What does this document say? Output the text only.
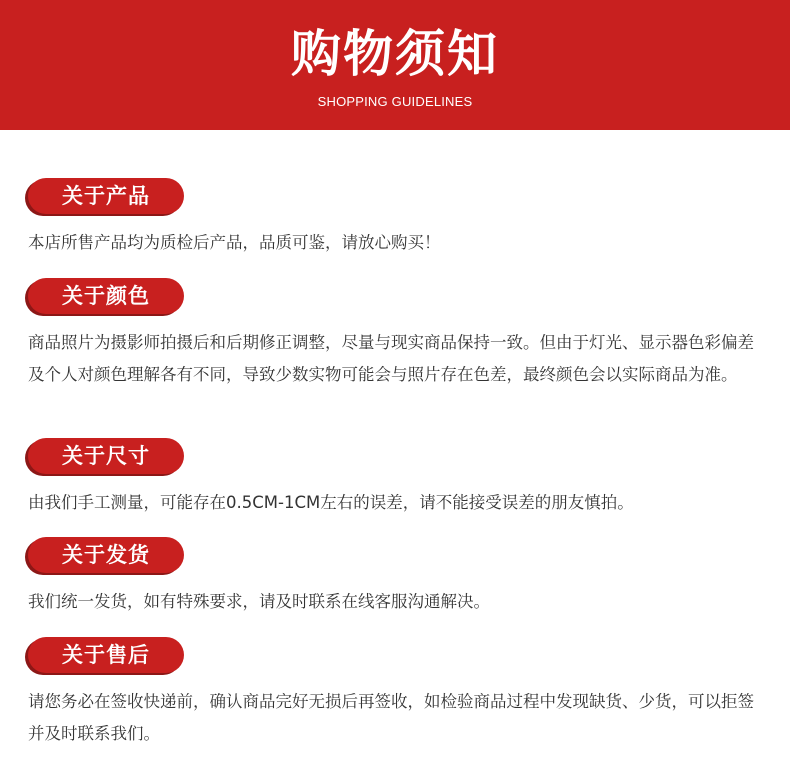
购物须知
SHOPPING GUIDELINES
关于产品
本店所售产品均为质检后产品，品质可鉴，请放心购买！
关于颜色
商品照片为摄影师拍摄后和后期修正调整，尽量与现实商品保持一致。但由于灯光、显示器色彩偏差及个人对颜色理解各有不同，导致少数实物可能会与照片存在色差，最终颜色会以实际商品为准。
关于尺寸
由我们手工测量，可能存在0.5CM-1CM左右的误差，请不能接受误差的朋友慎拍。
关于发货
我们统一发货，如有特殊要求，请及时联系在线客服沟通解决。
关于售后
请您务必在签收快递前，确认商品完好无损后再签收，如检验商品过程中发现缺货、少货，可以拒签并及时联系我们。
